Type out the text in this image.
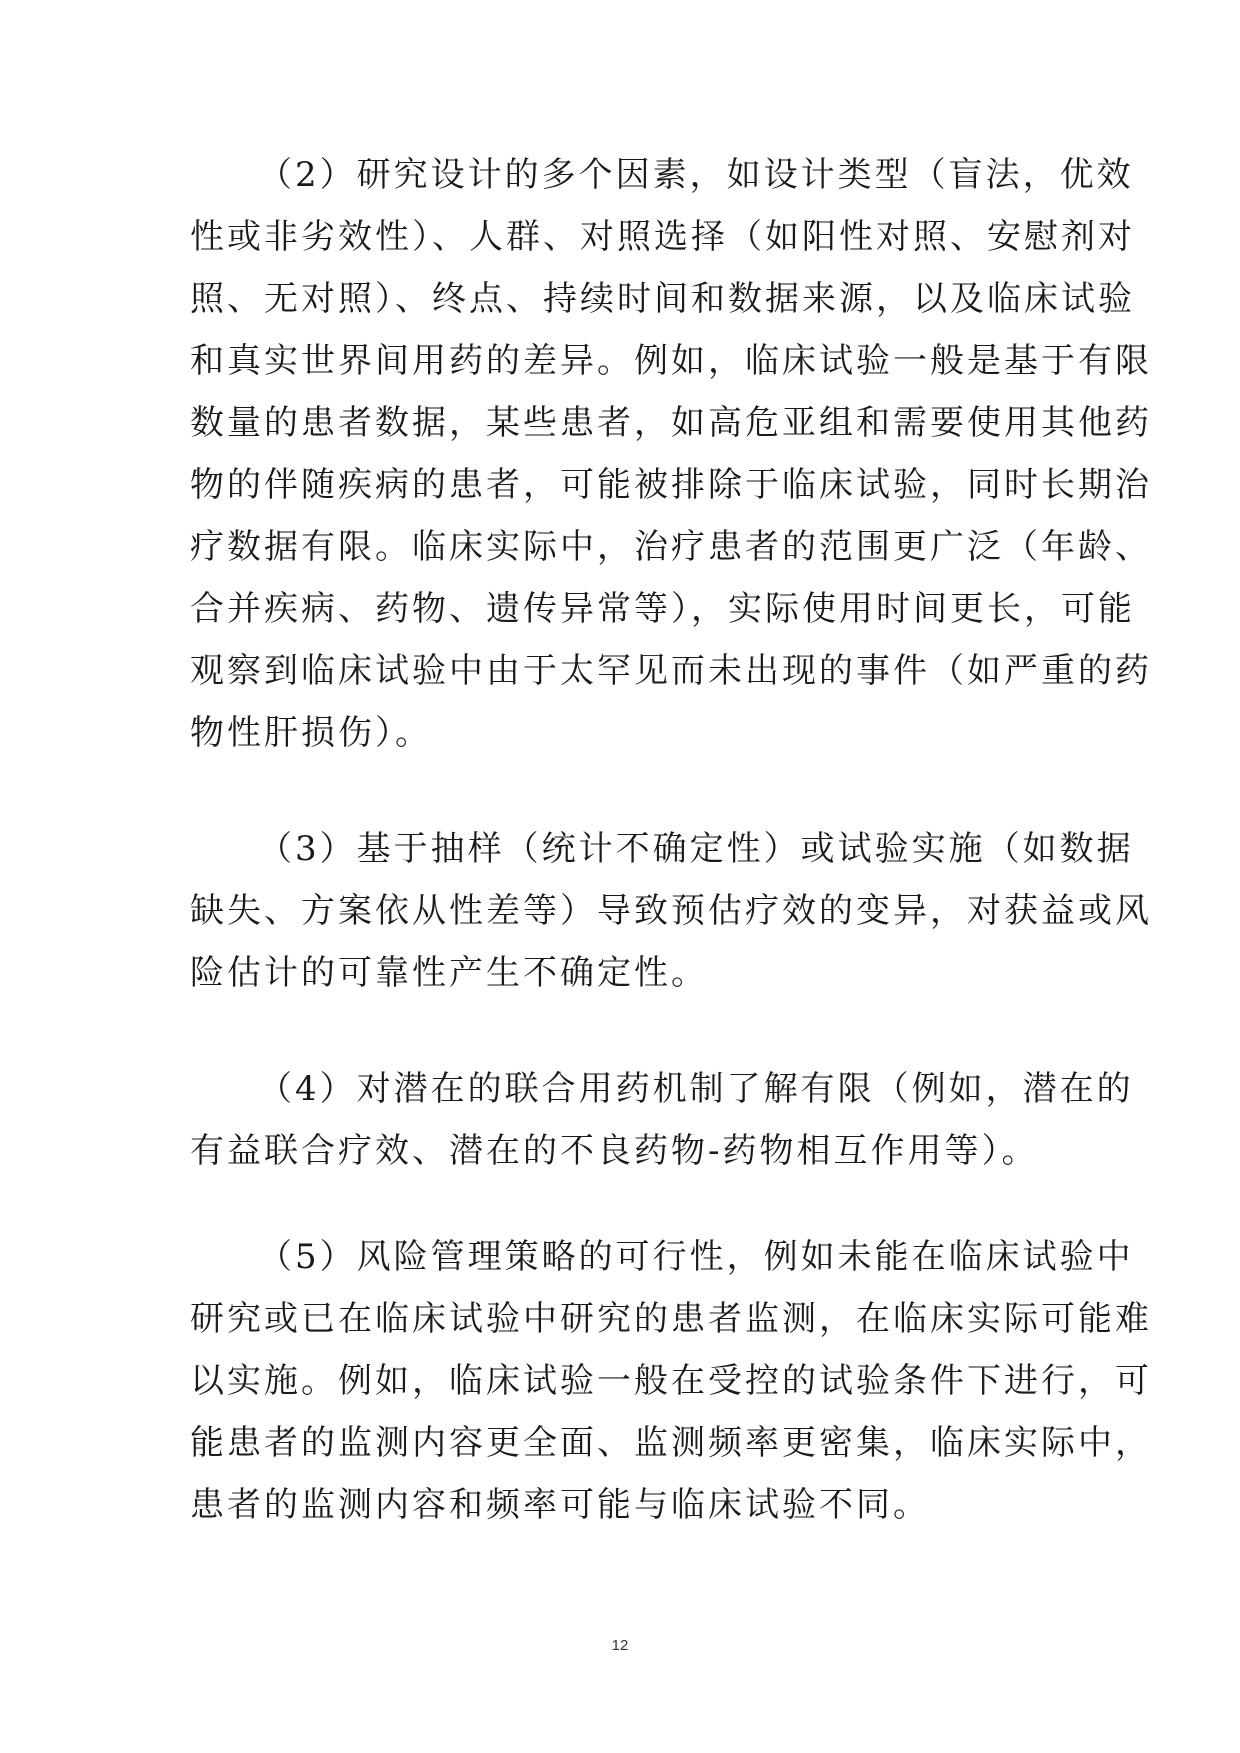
（2）研究设计的多个因素，如设计类型（盲法，优效
性或非劣效性）、人群、对照选择（如阳性对照、安慰剂对
照、无对照）、终点、持续时间和数据来源，以及临床试验
和真实世界间用药的差异。例如，临床试验一般是基于有限
数量的患者数据，某些患者，如高危亚组和需要使用其他药
物的伴随疾病的患者，可能被排除于临床试验，同时长期治
疗数据有限。临床实际中，治疗患者的范围更广泛（年龄、
合并疾病、药物、遗传异常等），实际使用时间更长，可能
观察到临床试验中由于太罕见而未出现的事件（如严重的药
物性肝损伤）。
（3）基于抽样（统计不确定性）或试验实施（如数据
缺失、方案依从性差等）导致预估疗效的变异，对获益或风
险估计的可靠性产生不确定性。
（4）对潜在的联合用药机制了解有限（例如，潜在的
有益联合疗效、潜在的不良药物-药物相互作用等）。
（5）风险管理策略的可行性，例如未能在临床试验中
研究或已在临床试验中研究的患者监测，在临床实际可能难
以实施。例如，临床试验一般在受控的试验条件下进行，可
能患者的监测内容更全面、监测频率更密集，临床实际中，
患者的监测内容和频率可能与临床试验不同。
12
